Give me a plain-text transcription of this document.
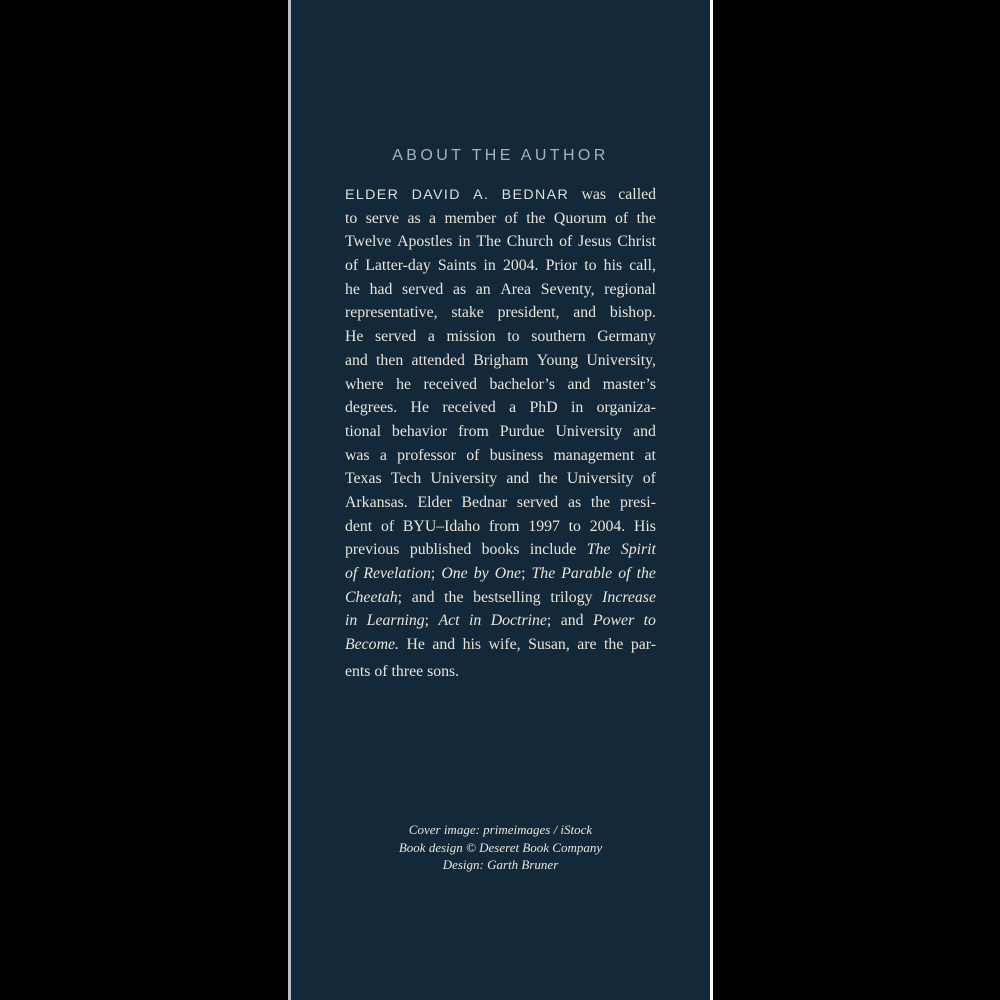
ABOUT THE AUTHOR
ELDER DAVID A. BEDNAR was called
to serve as a member of the Quorum of the
Twelve Apostles in The Church of Jesus Christ
of Latter-day Saints in 2004. Prior to his call,
he had served as an Area Seventy, regional
representative, stake president, and bishop.
He served a mission to southern Germany
and then attended Brigham Young University,
where he received bachelor’s and master’s
degrees. He received a PhD in organiza-
tional behavior from Purdue University and
was a professor of business management at
Texas Tech University and the University of
Arkansas. Elder Bednar served as the presi-
dent of BYU–Idaho from 1997 to 2004. His
previous published books include The Spirit
of Revelation; One by One; The Parable of the
Cheetah; and the bestselling trilogy Increase
in Learning; Act in Doctrine; and Power to
Become. He and his wife, Susan, are the par-
ents of three sons.
Cover image: primeimages / iStock
Book design © Deseret Book Company
Design: Garth Bruner
